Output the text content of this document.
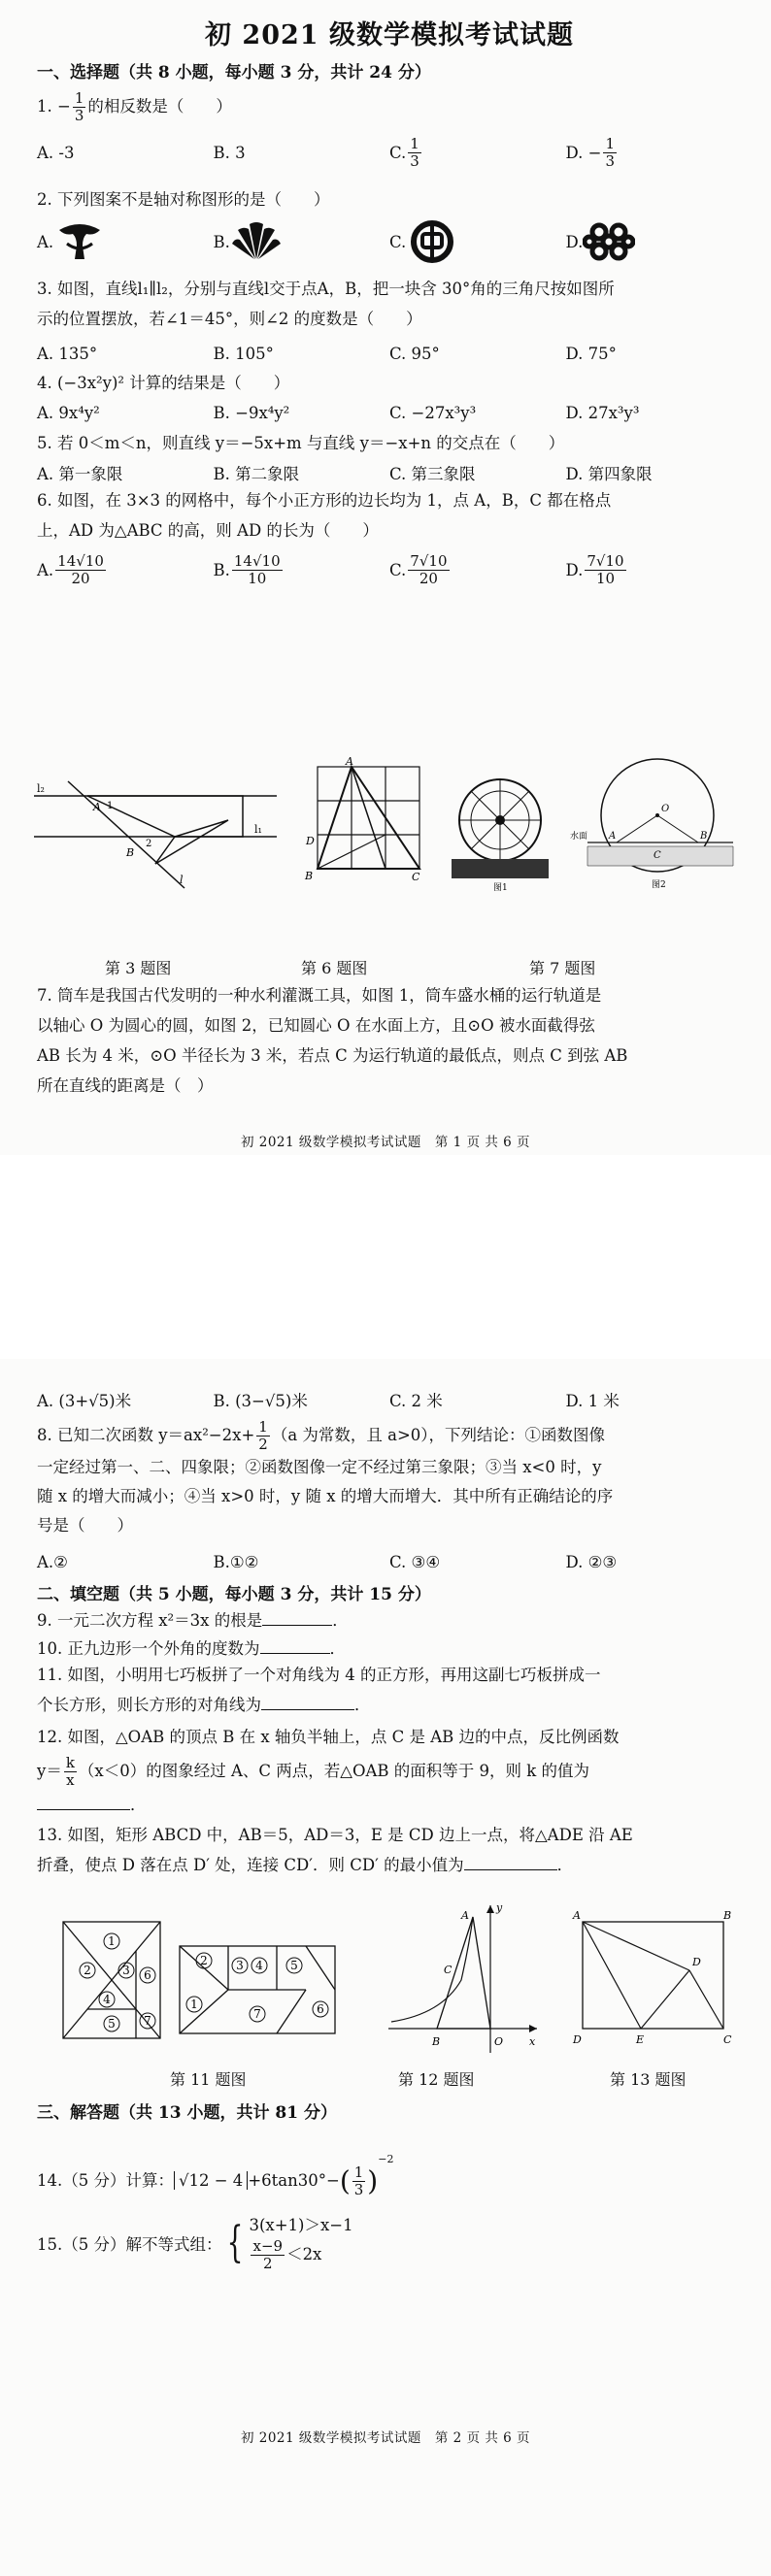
初 2021 级数学模拟考试试题
一、选择题（共 8 小题，每小题 3 分，共计 24 分）
1. − $\frac{1}{3}$ 的相反数是（　　）
A. -3	B. 3	C. $\frac{1}{3}$	D. − $\frac{1}{3}$
2. 下列图案不是轴对称图形的是（　　）
A.	B.	C.	D.
3. 如图，直线l₁∥l₂，分别与直线l交于点A，B，把一块含 30°角的三角尺按如图所
示的位置摆放，若∠1＝45°，则∠2 的度数是（　　）
A. 135°	B. 105°	C. 95°	D. 75°
4. (−3x²y)² 计算的结果是（　　）
A. 9x⁴y²	B. −9x⁴y²	C. −27x³y³	D. 27x³y³
5. 若 0＜m＜n，则直线 y＝−5x+m 与直线 y＝−x+n 的交点在（　　）
A. 第一象限	B. 第二象限	C. 第三象限	D. 第四象限
6. 如图，在 3×3 的网格中，每个小正方形的边长均为 1，点 A，B，C 都在格点
上，AD 为△ABC 的高，则 AD 的长为（　　）
A. $\frac{14√10}{20}$	B. $\frac{14√10}{10}$	C. $\frac{7√10}{20}$	D. $\frac{7√10}{10}$
l₂
l₁
A
B
1
2
l
A
B	C
D
图1
水面 A	B
C
O
图2
第 3 题图	第 6 题图	第 7 题图
7. 筒车是我国古代发明的一种水利灌溉工具，如图 1，筒车盛水桶的运行轨道是
以轴心 O 为圆心的圆，如图 2，已知圆心 O 在水面上方，且⊙O 被水面截得弦
AB 长为 4 米，⊙O 半径长为 3 米，若点 C 为运行轨道的最低点，则点 C 到弦 AB
所在直线的距离是（　）
初 2021 级数学模拟考试试题　第 1 页 共 6 页
A. (3+√5)米	B. (3−√5)米	C. 2 米	D. 1 米
8. 已知二次函数 $y=ax^2-2x+ \frac{1}{2} (a$ 为常数，且 a>0），下列结论：①函数图像
一定经过第一、二、四象限；②函数图像一定不经过第三象限；③当 x<0 时，y
随 x 的增大而减小；④当 x>0 时，y 随 x 的增大而增大．其中所有正确结论的序
号是（　　）
A.②	B.①②	C. ③④	D. ②③
二、填空题（共 5 小题，每小题 3 分，共计 15 分）
9. 一元二次方程 x²＝3x 的根是	．
10. 正九边形一个外角的度数为	．
11. 如图，小明用七巧板拼了一个对角线为 4 的正方形，再用这副七巧板拼成一
个长方形，则长方形的对角线为	．
12. 如图，△OAB 的顶点 B 在 x 轴负半轴上，点 C 是 AB 边的中点，反比例函数
$y= \frac{k}{x} (x<0)$的图象经过 A、C 两点，若△OAB 的面积等于 9，则 k 的值为
．
13. 如图，矩形 ABCD 中，AB＝5，AD＝3，E 是 CD 边上一点，将△ADE 沿 AE
折叠，使点 D 落在点 D′ 处，连接 CD′．则 CD′ 的最小值为	．
1
2	3
4
5
6
7
1
2 3 4 5
6
7
y
A
C
B	O x
A	B
D
E	C
D
第 11 题图	第 12 题图	第 13 题图
三、解答题（共 13 小题，共计 81 分）
14.（5 分）计算： $√12 - 4 +6\tan 30^\circ-( \frac{1}{3} )^{-2}$
15.（5 分）解不等式组： { 3(x+1)＞x−1
$\frac{x-9}{2} <2x$
初 2021 级数学模拟考试试题　第 2 页 共 6 页
